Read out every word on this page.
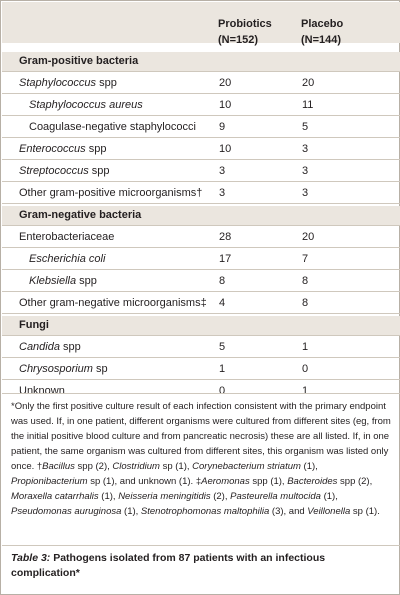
Probiotics
(N=152)
Placebo
(N=144)
Gram-positive bacteria
Staphylococcus spp	20	20
Staphylococcus aureus	10	11
Coagulase-negative staphylococci 9	5
Enterococcus spp	10	3
Streptococcus spp	3	3
Other gram-positive microorganisms† 3	3
Gram-negative bacteria
Enterobacteriaceae	28	20
Escherichia coli	17	7
Klebsiella spp	8	8
Other gram-negative microorganisms‡ 4	8
Fungi
Candida spp	5	1
Chrysosporium sp	1	0
Unknown	0	1
*Only the first positive culture result of each infection consistent with the primary endpoint was used. If, in one patient, different organisms were cultured from different sites (eg, from the initial positive blood culture and from pancreatic necrosis) these are all listed. If, in one patient, the same organism was cultured from different sites, this organism was listed only once. †Bacillus spp (2), Clostridium sp (1), Corynebacterium striatum (1), Propionibacterium sp (1), and unknown (1). ‡Aeromonas spp (1), Bacteroides spp (2), Moraxella catarrhalis (1), Neisseria meningitidis (2), Pasteurella multocida (1), Pseudomonas auruginosa (1), Stenotrophomonas maltophilia (3), and Veillonella sp (1).
Table 3: Pathogens isolated from 87 patients with an infectious complication*
